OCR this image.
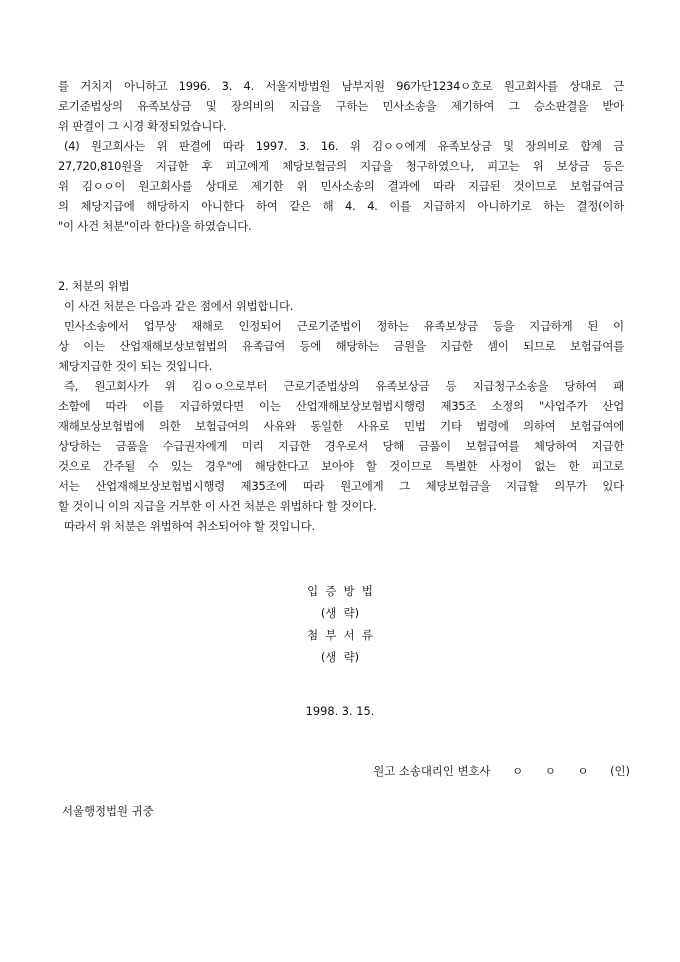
를 거치지 아니하고 1996. 3. 4. 서울지방법원 남부지원 96가단1234ㅇ호로 원고회사를 상대로 근
로기준법상의 유족보상금 및 장의비의 지급을 구하는 민사소송을 제기하여 그 승소판결을 받아
위 판결이 그 시경 확정되었습니다.
(4) 원고회사는 위 판결에 따라 1997. 3. 16. 위 김ㅇㅇ에게 유족보상금 및 장의비로 합계 금
27,720,810원을 지급한 후 피고에게 체당보험금의 지급을 청구하였으나, 피고는 위 보상금 등은
위 김ㅇㅇ이 원고회사를 상대로 제기한 위 민사소송의 결과에 따라 지급된 것이므로 보험급여금
의 체당지급에 해당하지 아니한다 하여 같은 해 4. 4. 이를 지급하지 아니하기로 하는 결정(이하
"이 사건 처분"이라 한다)을 하였습니다.

2. 처분의 위법

이 사건 처분은 다음과 같은 점에서 위법합니다.

민사소송에서 업무상 재해로 인정되어 근로기준법이 정하는 유족보상금 등을 지급하게 된 이
상 이는 산업재해보상보험법의 유족급여 등에 해당하는 금원을 지급한 셈이 되므로 보험급여를
체당지급한 것이 되는 것입니다.
즉, 원고회사가 위 김ㅇㅇ으로부터 근로기준법상의 유족보상금 등 지급청구소송을 당하여 패
소함에 따라 이를 지급하였다면 이는 산업재해보상보험법시행령 제35조 소정의 "사업주가 산업
재해보상보험법에 의한 보험급여의 사유와 동일한 사유로 민법 기타 법령에 의하여 보험급여에
상당하는 금품을 수급권자에게 미리 지급한 경우로서 당해 금품이 보험급여를 체당하여 지급한
것으로 간주될 수 있는 경우"에 해당한다고 보아야 할 것이므로 특별한 사정이 없는 한 피고로
서는 산업재해보상보험법시행령 제35조에 따라 원고에게 그 체당보험금을 지급할 의무가 있다
할 것이니 이의 지급을 거부한 이 사건 처분은 위법하다 할 것이다.

따라서 위 처분은 위법하여 취소되어야 할 것입니다.

입  증  방  법
(생  략)
첨  부  서  류
(생  략)
1998. 3. 15.
원고 소송대리인 변호사 ㅇ ㅇ ㅇ (인)
서울행정법원 귀중
